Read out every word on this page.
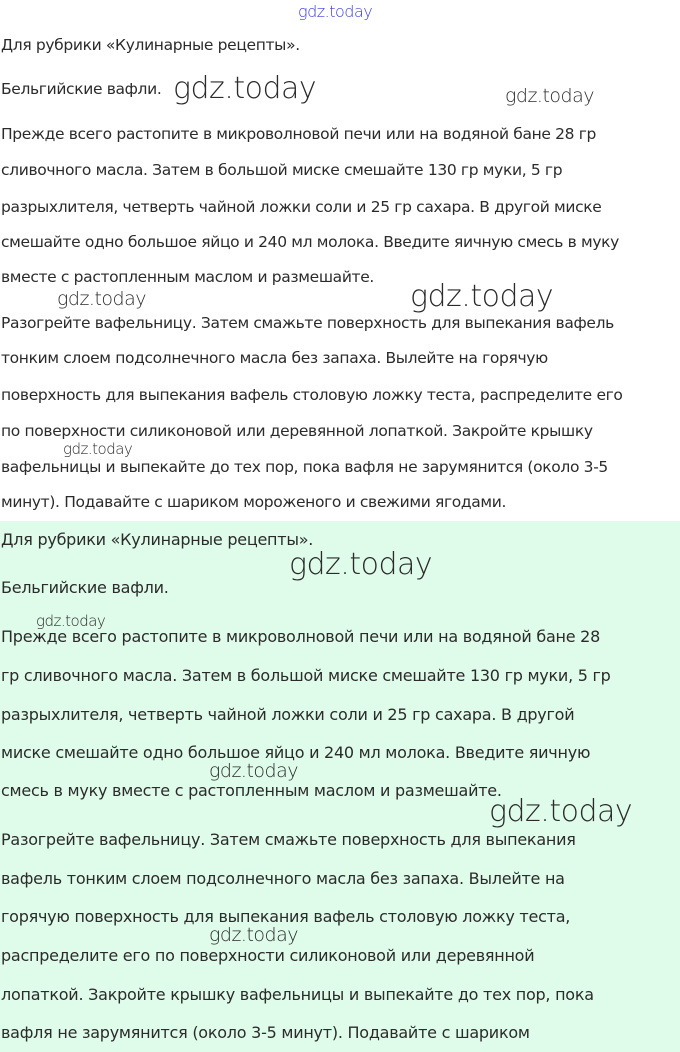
Для рубрики «Кулинарные рецепты».
Бельгийские вафли.
Прежде всего растопите в микроволновой печи или на водяной бане 28 гр
сливочного масла. Затем в большой миске смешайте 130 гр муки, 5 гр
разрыхлителя, четверть чайной ложки соли и 25 гр сахара. В другой миске
смешайте одно большое яйцо и 240 мл молока. Введите яичную смесь в муку
вместе с растопленным маслом и размешайте.
Разогрейте вафельницу. Затем смажьте поверхность для выпекания вафель
тонким слоем подсолнечного масла без запаха. Вылейте на горячую
поверхность для выпекания вафель столовую ложку теста, распределите его
по поверхности силиконовой или деревянной лопаткой. Закройте крышку
вафельницы и выпекайте до тех пор, пока вафля не зарумянится (около 3-5
минут). Подавайте с шариком мороженого и свежими ягодами.
Для рубрики «Кулинарные рецепты».
Бельгийские вафли.
Прежде всего растопите в микроволновой печи или на водяной бане 28
гр сливочного масла. Затем в большой миске смешайте 130 гр муки, 5 гр
разрыхлителя, четверть чайной ложки соли и 25 гр сахара. В другой
миске смешайте одно большое яйцо и 240 мл молока. Введите яичную
смесь в муку вместе с растопленным маслом и размешайте.
Разогрейте вафельницу. Затем смажьте поверхность для выпекания
вафель тонким слоем подсолнечного масла без запаха. Вылейте на
горячую поверхность для выпекания вафель столовую ложку теста,
распределите его по поверхности силиконовой или деревянной
лопаткой. Закройте крышку вафельницы и выпекайте до тех пор, пока
вафля не зарумянится (около 3-5 минут). Подавайте с шариком
gdz.today
gdz.today	gdz.today
gdz.today	gdz.today
gdz.today
gdz.today
gdz.today
gdz.today
gdz.today
gdz.today
